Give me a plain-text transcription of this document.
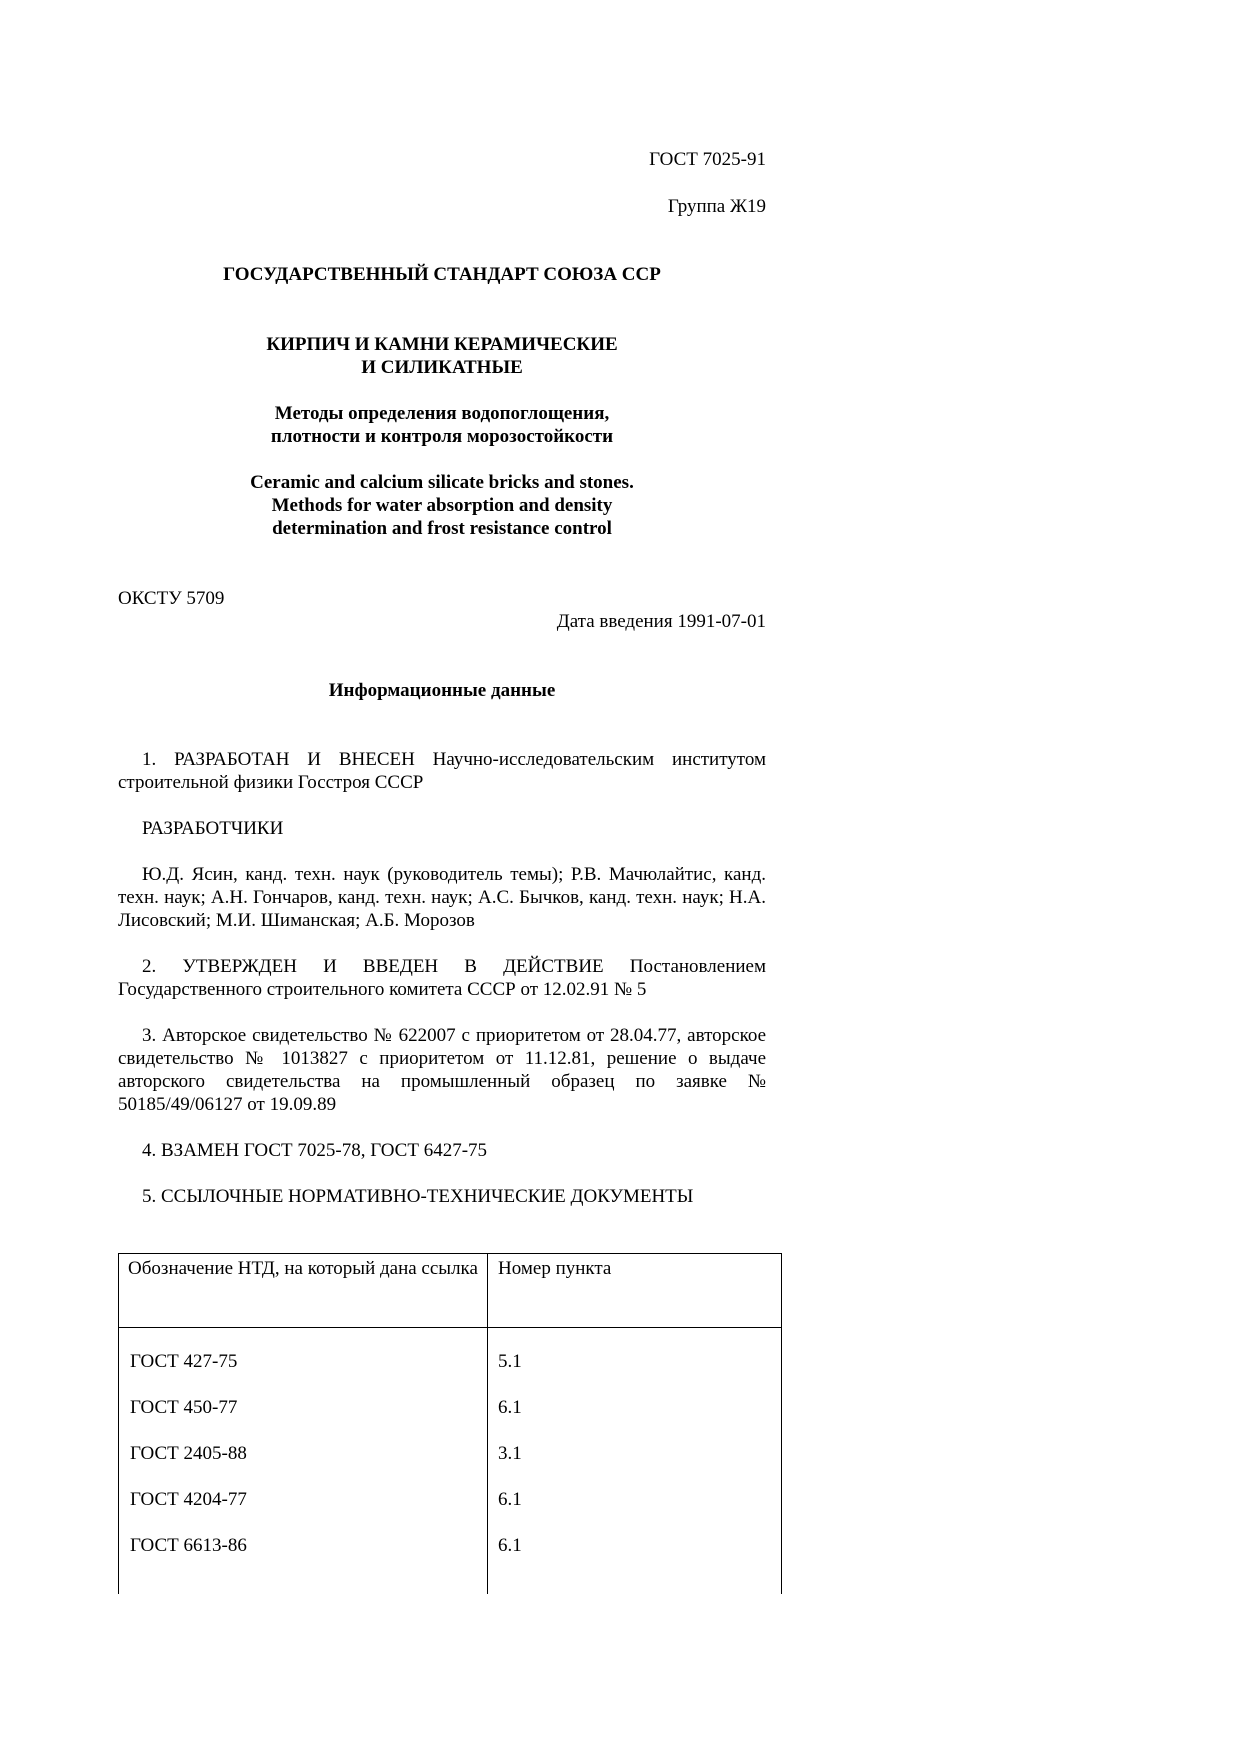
ГОСТ 7025-91

Группа Ж19

ГОСУДАРСТВЕННЫЙ СТАНДАРТ СОЮЗА ССР

КИРПИЧ И КАМНИ КЕРАМИЧЕСКИЕ
И СИЛИКАТНЫЕ
Методы определения водопоглощения,
плотности и контроля морозостойкости
Ceramic and calcium silicate bricks and stones.
Methods for water absorption and density
determination and frost resistance control

ОКСТУ 5709

Дата введения 1991-07-01

Информационные данные

1. РАЗРАБОТАН И ВНЕСЕН Научно-исследовательским институтом строительной физики Госстроя СССР

РАЗРАБОТЧИКИ

Ю.Д. Ясин, канд. техн. наук (руководитель темы); Р.В. Мачюлайтис, канд. техн. наук; А.Н. Гончаров, канд. техн. наук; А.С. Бычков, канд. техн. наук; Н.А. Лисовский; М.И. Шиманская; А.Б. Морозов

2. УТВЕРЖДЕН И ВВЕДЕН В ДЕЙСТВИЕ Постановлением Государственного строительного комитета СССР от 12.02.91 № 5

3. Авторское свидетельство № 622007 с приоритетом от 28.04.77, авторское свидетельство № 1013827 с приоритетом от 11.12.81, решение о выдаче авторского свидетельства на промышленный образец по заявке № 50185/49/06127 от 19.09.89

4. ВЗАМЕН ГОСТ 7025-78, ГОСТ 6427-75

5. ССЫЛОЧНЫЕ НОРМАТИВНО-ТЕХНИЧЕСКИЕ ДОКУМЕНТЫ

Обозначение НТД, на который дана ссылка	Номер пункта
ГОСТ 427-75	5.1
ГОСТ 450-77	6.1
ГОСТ 2405-88	3.1
ГОСТ 4204-77	6.1
ГОСТ 6613-86	6.1
